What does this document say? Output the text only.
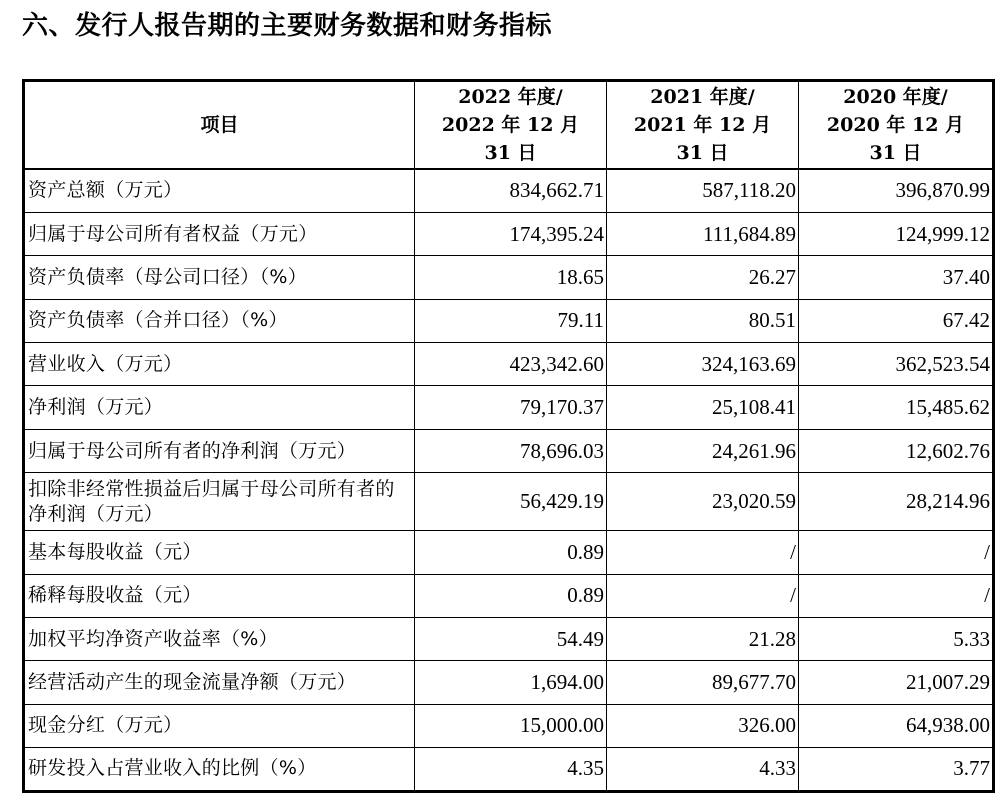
六、发行人报告期的主要财务数据和财务指标
项目	2022 年度/
2022 年 12 月
31 日	2021 年度/
2021 年 12 月
31 日	2020 年度/
2020 年 12 月
31 日

资产总额（万元）	834,662.71	587,118.20	396,870.99
归属于母公司所有者权益（万元）	174,395.24	111,684.89	124,999.12
资产负债率（母公司口径）（%）	18.65	26.27	37.40
资产负债率（合并口径）（%）	79.11	80.51	67.42
营业收入（万元）	423,342.60	324,163.69	362,523.54
净利润（万元）	79,170.37	25,108.41	15,485.62
归属于母公司所有者的净利润（万元）	78,696.03	24,261.96	12,602.76
扣除非经常性损益后归属于母公司所有者的净利润（万元）	56,429.19	23,020.59	28,214.96
基本每股收益（元）	0.89	/	/
稀释每股收益（元）	0.89	/	/
加权平均净资产收益率（%）	54.49	21.28	5.33
经营活动产生的现金流量净额（万元）	1,694.00	89,677.70	21,007.29
现金分红（万元）	15,000.00	326.00	64,938.00
研发投入占营业收入的比例（%）	4.35	4.33	3.77
